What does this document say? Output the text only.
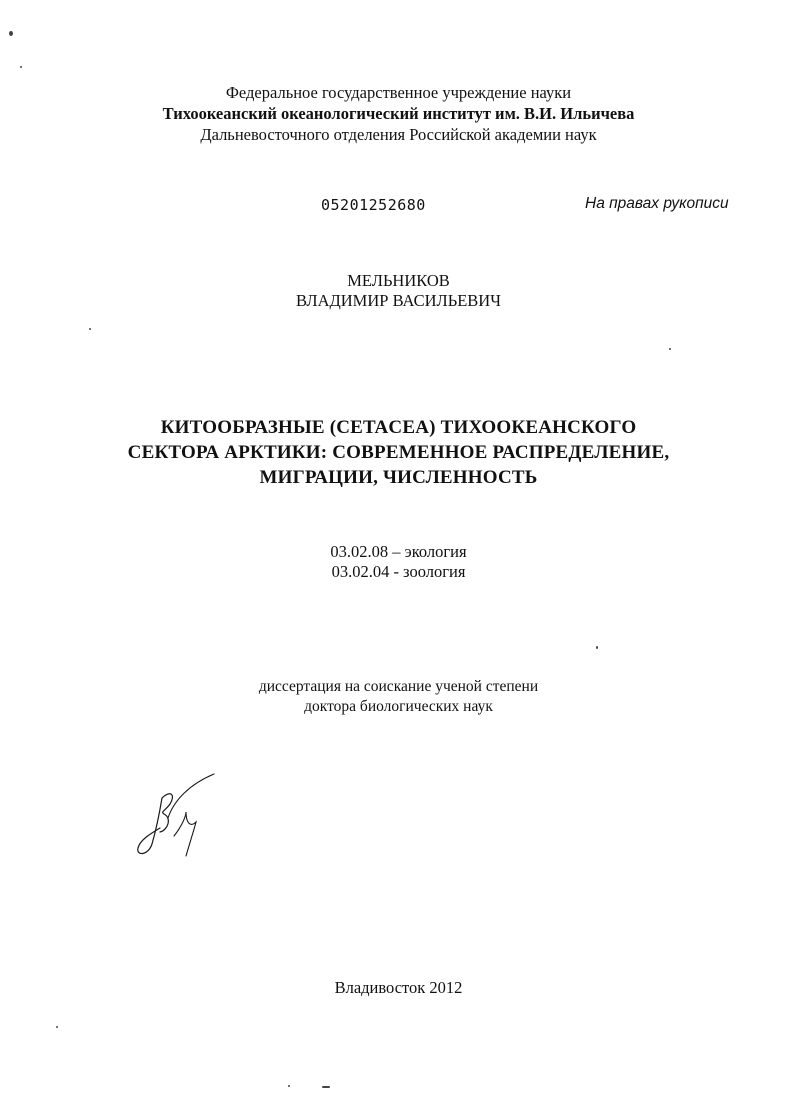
Федеральное государственное учреждение науки
Тихоокеанский океанологический институт им. В.И. Ильичева
Дальневосточного отделения Российской академии наук
05201252680	На правах рукописи
МЕЛЬНИКОВ
ВЛАДИМИР ВАСИЛЬЕВИЧ
КИТООБРАЗНЫЕ (CETACEA) ТИХООКЕАНСКОГО
СЕКТОРА АРКТИКИ: СОВРЕМЕННОЕ РАСПРЕДЕЛЕНИЕ,
МИГРАЦИИ, ЧИСЛЕННОСТЬ
03.02.08 – экология
03.02.04 - зоология
диссертация на соискание ученой степени
доктора биологических наук
Владивосток 2012
